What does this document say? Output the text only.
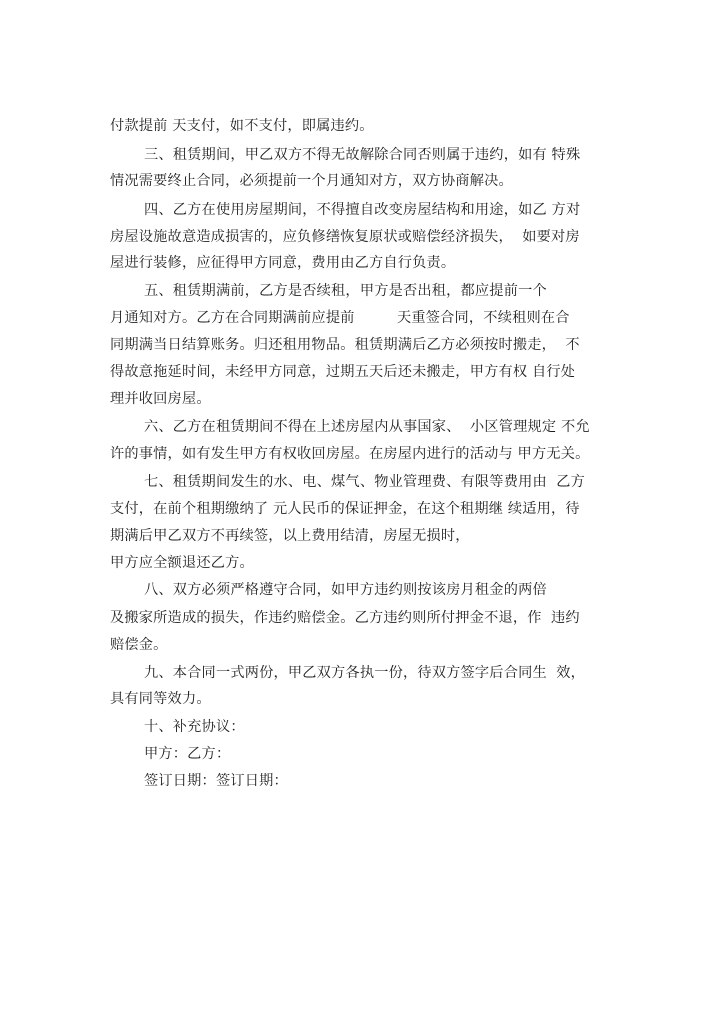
付款提前 天支付，如不支付，即属违约。
三、租赁期间，甲乙双方不得无故解除合同否则属于违约，如有 特殊
情况需要终止合同，必须提前一个月通知对方，双方协商解决。
四、乙方在使用房屋期间，不得擅自改变房屋结构和用途，如乙 方对
房屋设施故意造成损害的，应负修缮恢复原状或赔偿经济损失，  如要对房
屋进行装修，应征得甲方同意，费用由乙方自行负责。
五、租赁期满前，乙方是否续租，甲方是否出租，都应提前一个
月通知对方。乙方在合同期满前应提前         天重签合同，不续租则在合
同期满当日结算账务。归还租用物品。租赁期满后乙方必须按时搬走，  不
得故意拖延时间，未经甲方同意，过期五天后还未搬走，甲方有权 自行处
理并收回房屋。
六、乙方在租赁期间不得在上述房屋内从事国家、  小区管理规定 不允
许的事情，如有发生甲方有权收回房屋。在房屋内进行的活动与 甲方无关。
七、租赁期间发生的水、电、煤气、物业管理费、有限等费用由  乙方
支付，在前个租期缴纳了 元人民币的保证押金，在这个租期继 续适用，待
期满后甲乙双方不再续签，以上费用结清，房屋无损时，
甲方应全额退还乙方。
八、双方必须严格遵守合同，如甲方违约则按该房月租金的两倍
及搬家所造成的损失，作违约赔偿金。乙方违约则所付押金不退，作  违约
赔偿金。
九、本合同一式两份，甲乙双方各执一份，待双方签字后合同生  效，
具有同等效力。
十、补充协议：
甲方：乙方：
签订日期：签订日期：
